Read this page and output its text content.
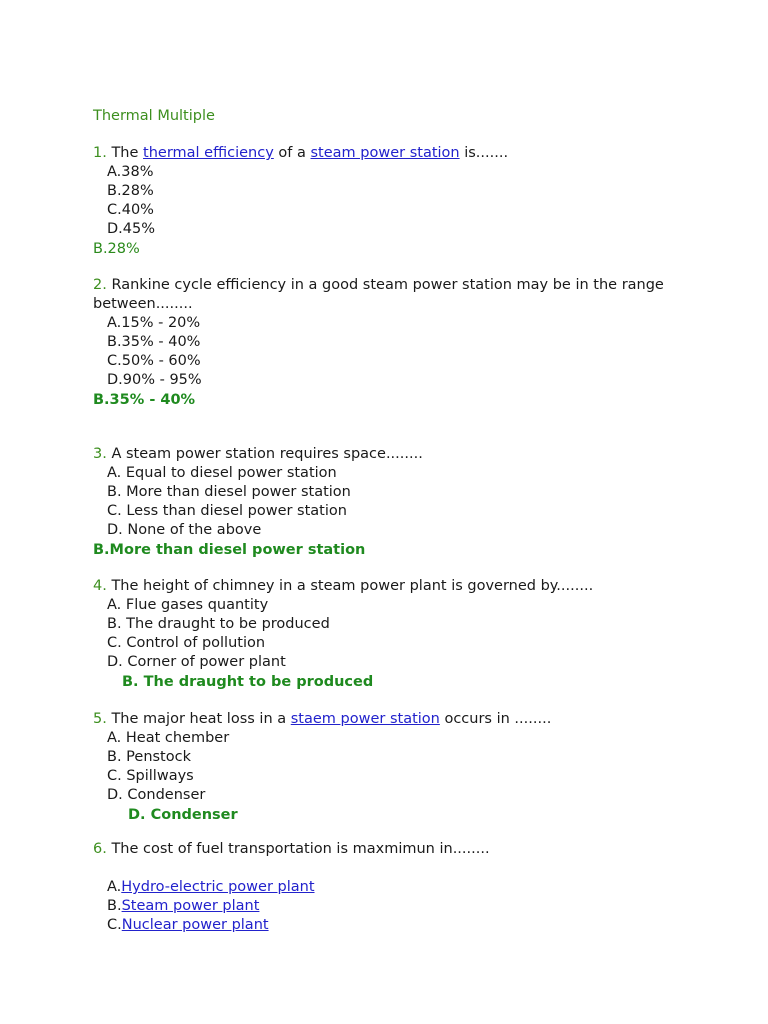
Thermal Multiple

1. The thermal efficiency of a steam power station is.......

A.38%
B.28%
C.40%
D.45%

B.28%

2. Rankine cycle efficiency in a good steam power station may be in the range between........

A.15% - 20%
B.35% - 40%
C.50% - 60%
D.90% - 95%

B.35% - 40%

3. A steam power station requires space........

A. Equal to diesel power station
B. More than diesel power station
C. Less than diesel power station
D. None of the above

B.More than diesel power station

4. The height of chimney in a steam power plant is governed by........

A. Flue gases quantity
B. The draught to be produced
C. Control of pollution
D. Corner of power plant

B. The draught to be produced

5. The major heat loss in a staem power station occurs in ........

A. Heat chember
B. Penstock
C. Spillways
D. Condenser

D. Condenser

6. The cost of fuel transportation is maxmimun in........

A.Hydro-electric power plant
B.Steam power plant
C.Nuclear power plant
